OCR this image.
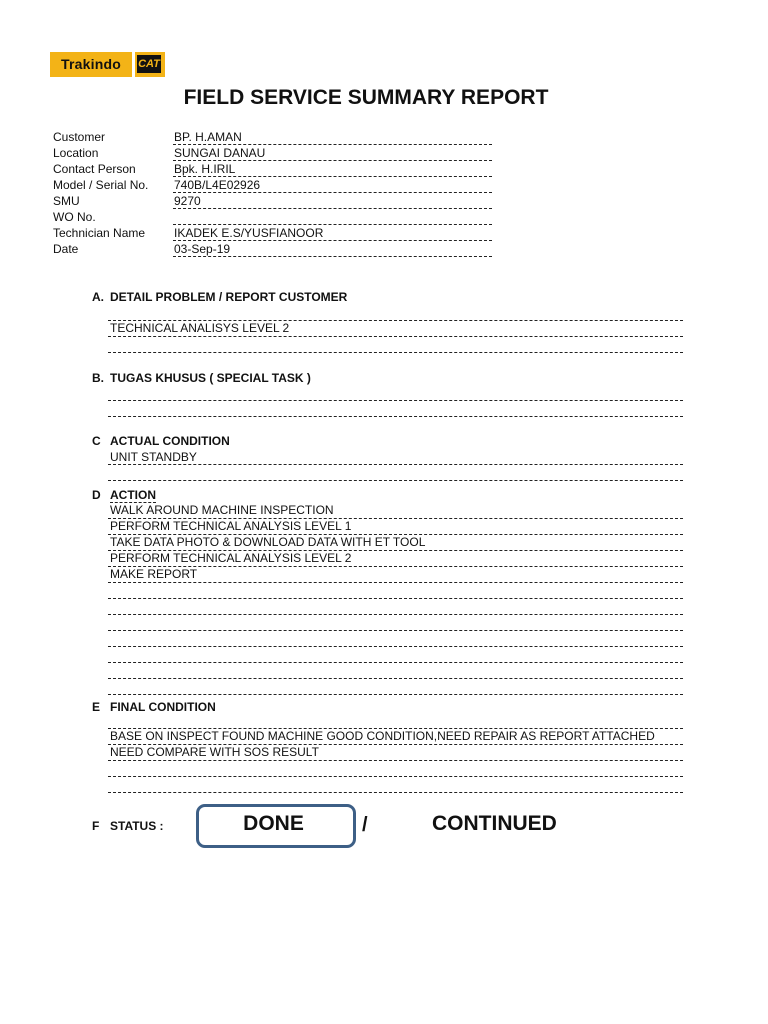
Trakindo	CAT
FIELD SERVICE SUMMARY REPORT
Customer	BP. H.AMAN
Location	SUNGAI DANAU
Contact Person	Bpk. H.IRIL
Model / Serial No. 740B/L4E02926
SMU	9270
WO No.
Technician Name IKADEK E.S/YUSFIANOOR
Date	03-Sep-19
A. DETAIL PROBLEM / REPORT CUSTOMER
TECHNICAL ANALISYS LEVEL 2
B. TUGAS KHUSUS ( SPECIAL TASK )
C ACTUAL CONDITION
UNIT STANDBY
D ACTION
WALK AROUND MACHINE INSPECTION
PERFORM TECHNICAL ANALYSIS LEVEL 1
TAKE DATA PHOTO & DOWNLOAD DATA WITH ET TOOL
PERFORM TECHNICAL ANALYSIS LEVEL 2
MAKE REPORT
E FINAL CONDITION
BASE ON INSPECT FOUND MACHINE GOOD CONDITION,NEED REPAIR AS REPORT ATTACHED
NEED COMPARE WITH SOS RESULT
F STATUS :	DONE	/	CONTINUED
